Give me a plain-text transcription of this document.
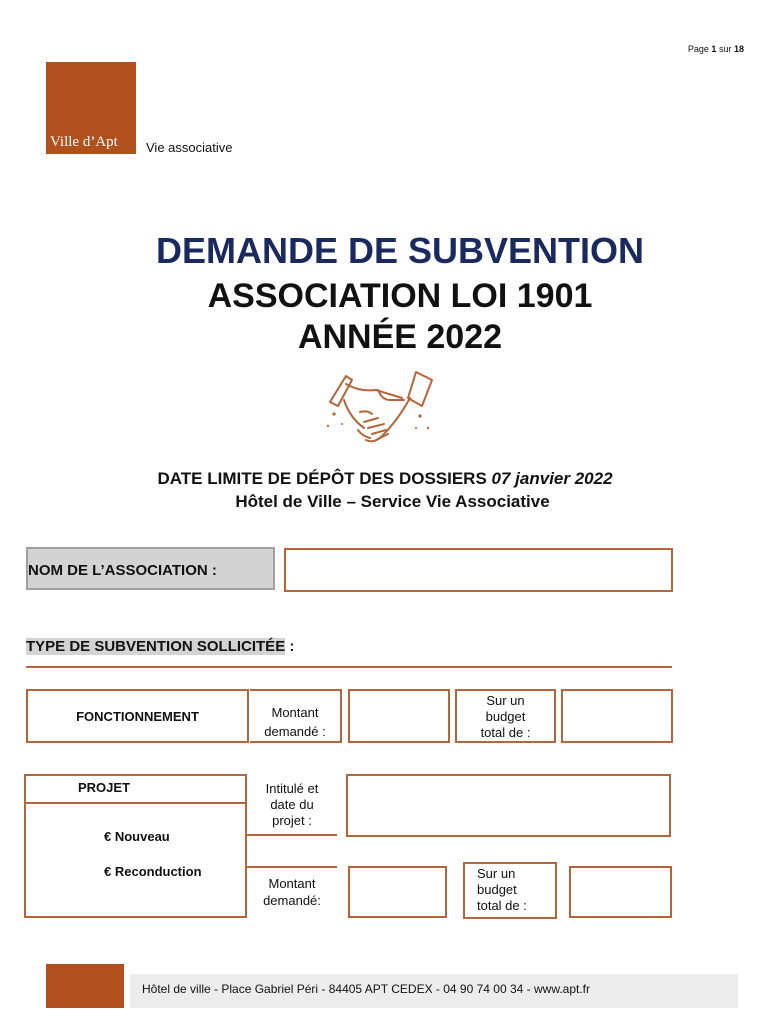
Page 1 sur 18
Ville d’Apt Vie associative
DEMANDE DE SUBVENTION
ASSOCIATION LOI 1901
ANNÉE 2022
DATE LIMITE DE DÉPÔT DES DOSSIERS 07 janvier 2022
Hôtel de Ville – Service Vie Associative
NOM DE L’ASSOCIATION :
TYPE DE SUBVENTION SOLLICITÉE :
FONCTIONNEMENT	Montant
demandé :
Sur un
budget
total de :
PROJET
€ Nouveau
€ Reconduction
Intitulé et
date du
projet :
Montant
demandé:
Sur un
budget
total de :
Hôtel de ville - Place Gabriel Péri - 84405 APT CEDEX - 04 90 74 00 34 - www.apt.fr
